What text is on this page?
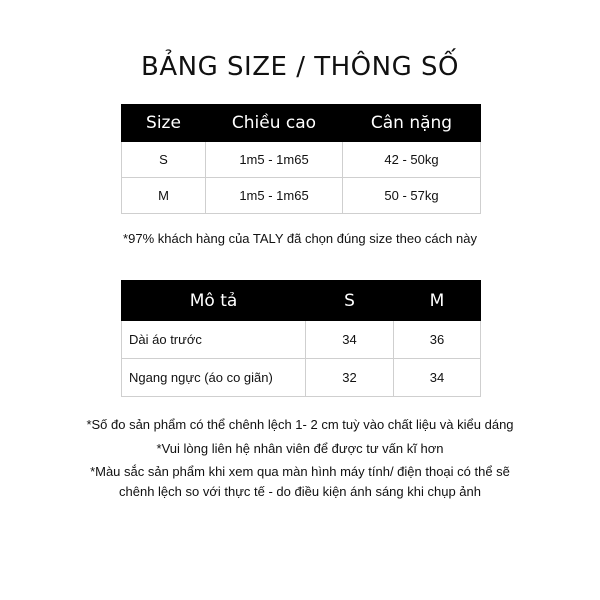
BẢNG SIZE / THÔNG SỐ
Size	Chiều cao	Cân nặng
S	1m5 - 1m65	42 - 50kg
M	1m5 - 1m65	50 - 57kg
*97% khách hàng của TALY đã chọn đúng size theo cách này
Mô tả	S	M
Dài áo trước	34	36
Ngang ngực (áo co giãn)	32	34
*Số đo sản phẩm có thể chênh lệch 1- 2 cm tuỳ vào chất liệu và kiểu dáng
*Vui lòng liên hệ nhân viên để được tư vấn kĩ hơn
*Màu sắc sản phẩm khi xem qua màn hình máy tính/ điện thoại có thể sẽ
chênh lệch so với thực tế - do điều kiện ánh sáng khi chụp ảnh
